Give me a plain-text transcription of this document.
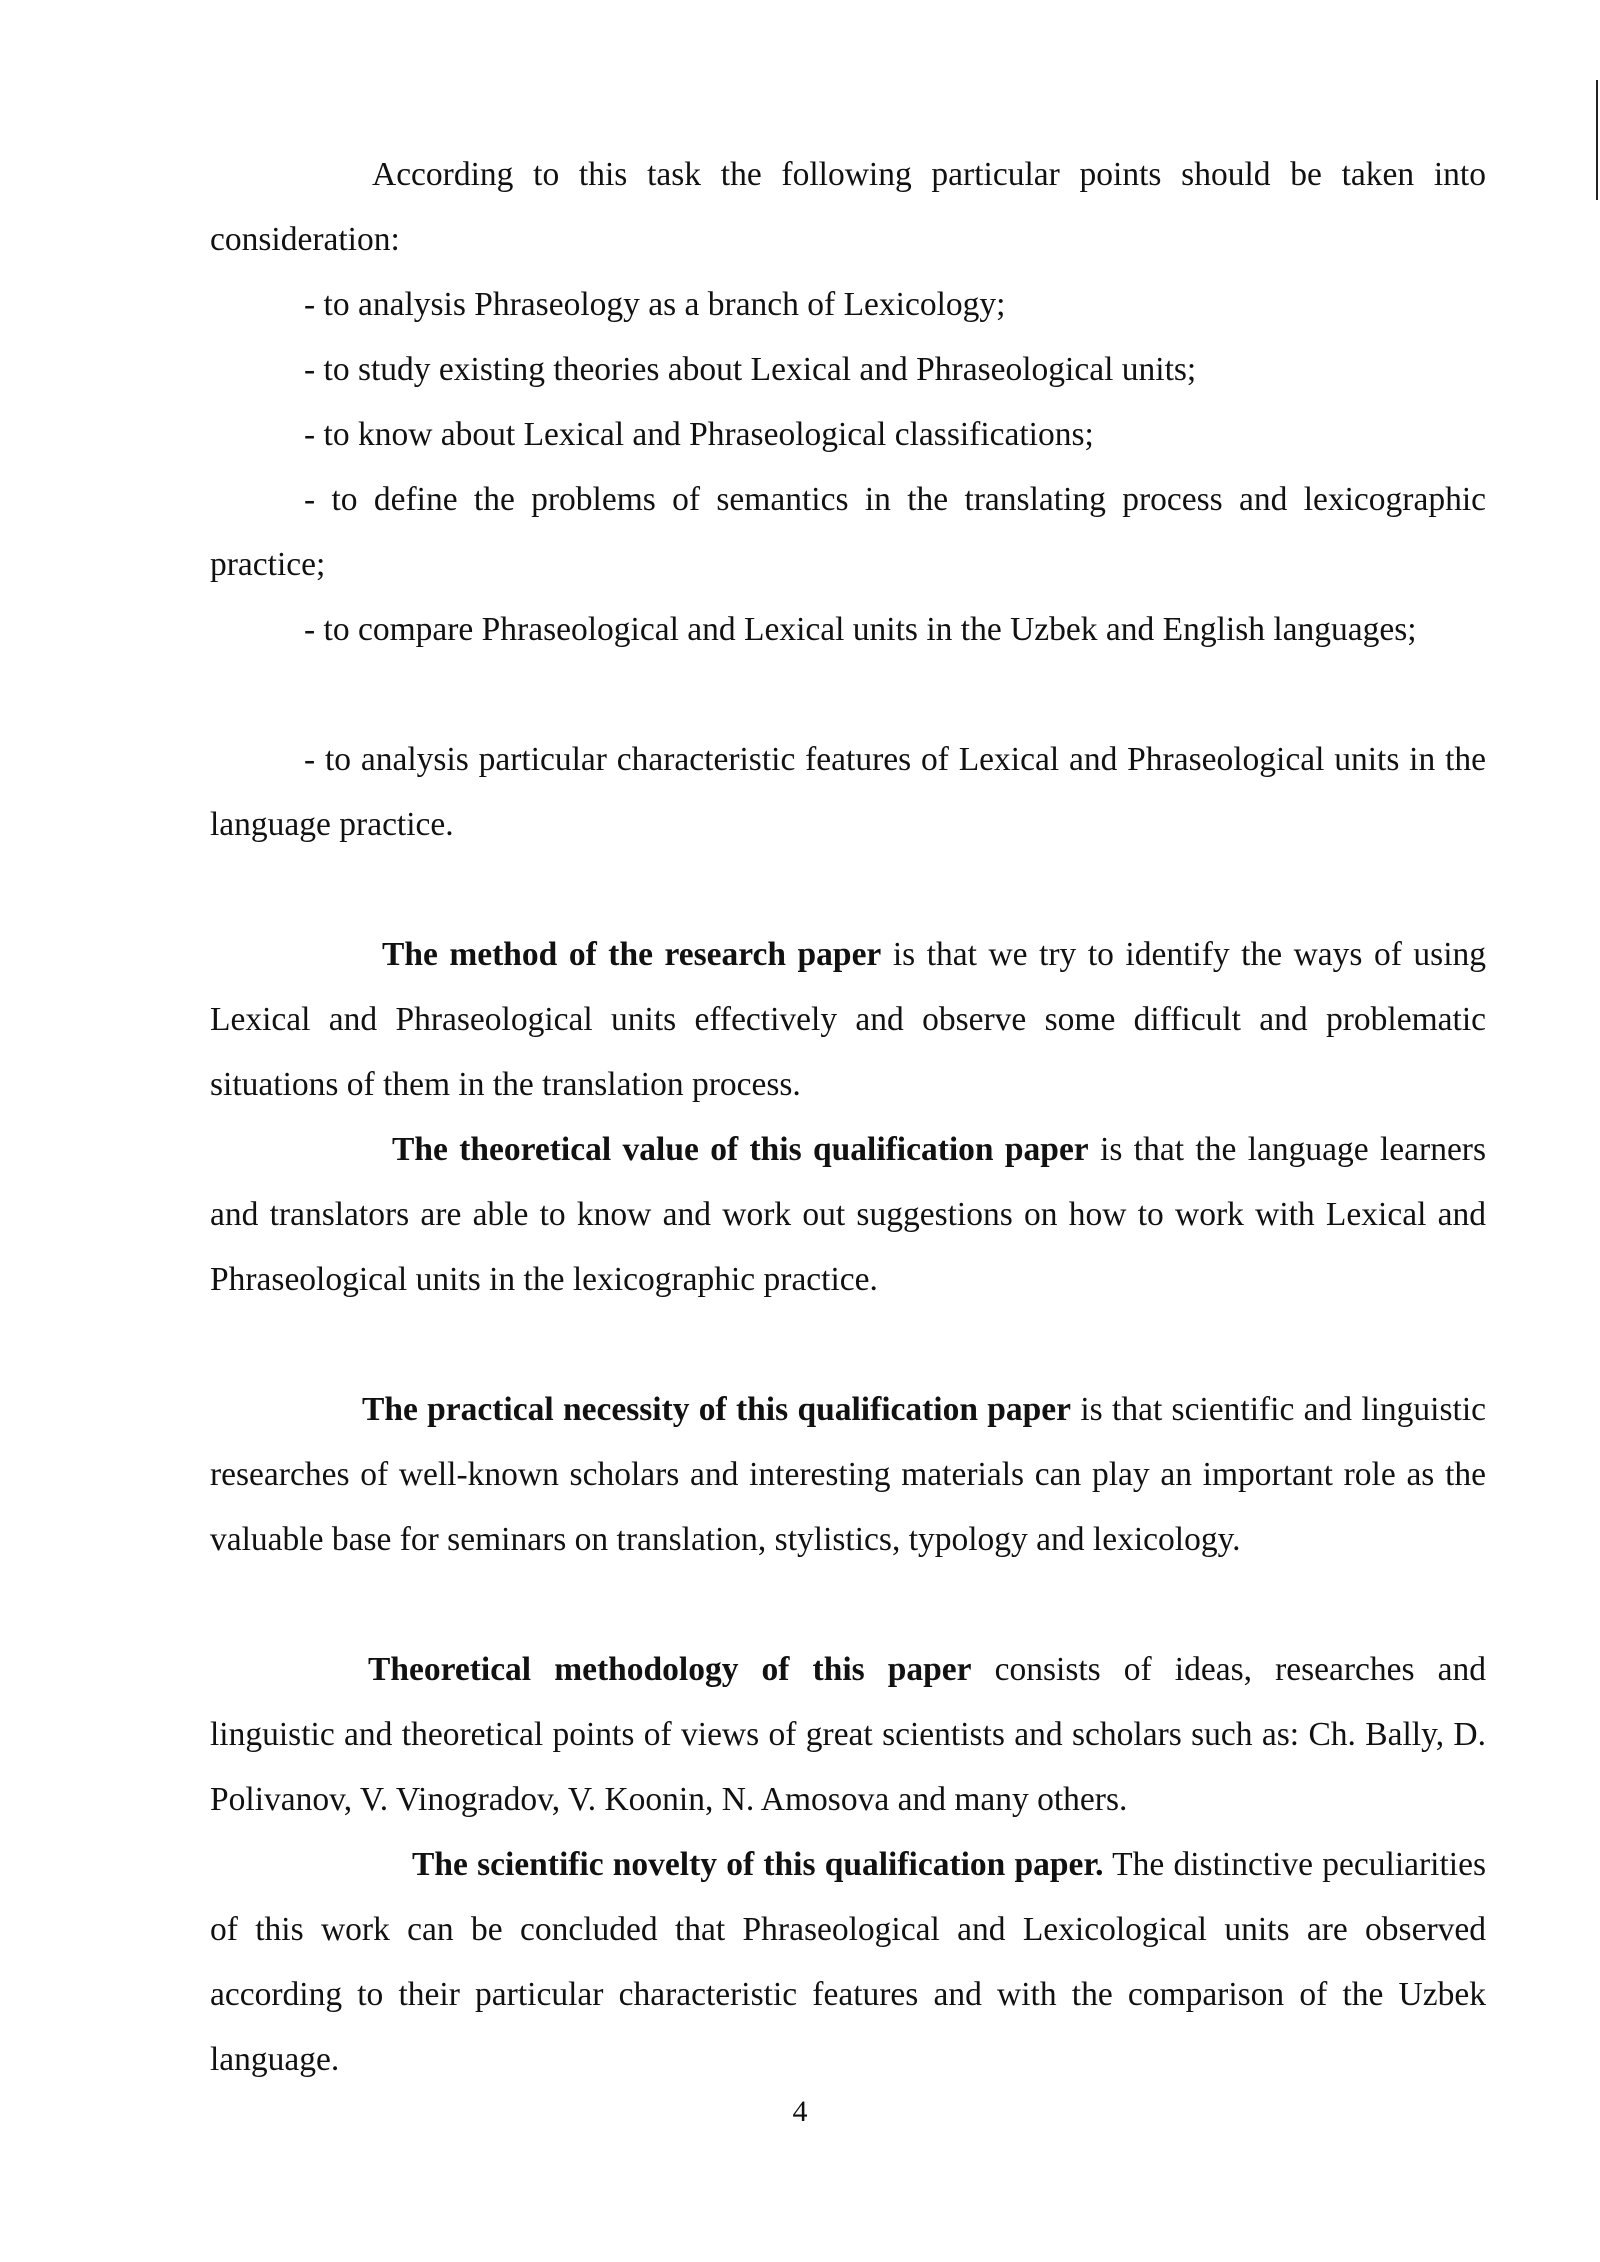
According to this task the following particular points should be taken into consideration:

- to analysis Phraseology as a branch of Lexicology;

- to study existing theories about Lexical and Phraseological units;

- to know about Lexical and Phraseological classifications;

- to define the problems of semantics in the translating process and lexicographic practice;

- to compare Phraseological and Lexical units in the Uzbek and English languages;

- to analysis particular characteristic features of Lexical and Phraseological units in the language practice.

The method of the research paper is that we try to identify the ways of using Lexical and Phraseological units effectively and observe some difficult and problematic situations of them in the translation process.

The theoretical value of this qualification paper is that the language learners and translators are able to know and work out suggestions on how to work with Lexical and Phraseological units in the lexicographic practice.

The practical necessity of this qualification paper is that scientific and linguistic researches of well-known scholars and interesting materials can play an important role as the valuable base for seminars on translation, stylistics, typology and lexicology.

Theoretical methodology of this paper consists of ideas, researches and linguistic and theoretical points of views of great scientists and scholars such as: Ch. Bally, D. Polivanov, V. Vinogradov, V. Koonin, N. Amosova and many others.

The scientific novelty of this qualification paper. The distinctive peculiarities of this work can be concluded that Phraseological and Lexicological units are observed according to their particular characteristic features and with the comparison of the Uzbek language.

4
